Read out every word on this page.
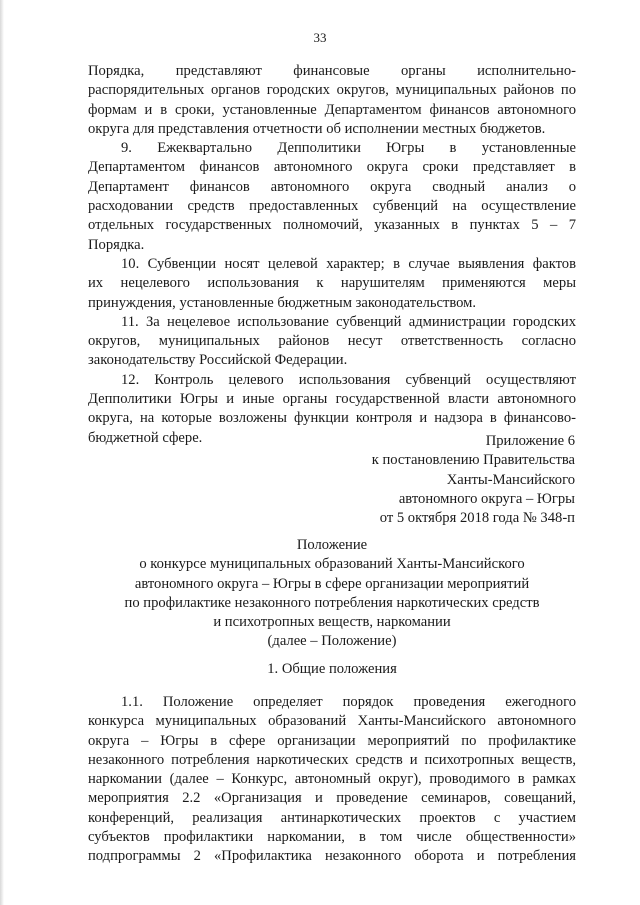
33
Порядка, представляют финансовые органы исполнительно-
распорядительных органов городских округов, муниципальных районов по
формам и в сроки, установленные Департаментом финансов автономного
округа для представления отчетности об исполнении местных бюджетов.
9. Ежеквартально Депполитики Югры в установленные
Департаментом финансов автономного округа сроки представляет в
Департамент финансов автономного округа сводный анализ о
расходовании средств предоставленных субвенций на осуществление
отдельных государственных полномочий, указанных в пунктах 5 – 7
Порядка.
10. Субвенции носят целевой характер; в случае выявления фактов
их нецелевого использования к нарушителям применяются меры
принуждения, установленные бюджетным законодательством.
11. За нецелевое использование субвенций администрации городских
округов, муниципальных районов несут ответственность согласно
законодательству Российской Федерации.
12. Контроль целевого использования субвенций осуществляют
Депполитики Югры и иные органы государственной власти автономного
округа, на которые возложены функции контроля и надзора в финансово-
бюджетной сфере.	Приложение 6
к постановлению Правительства
Ханты-Мансийского
автономного округа – Югры
от 5 октября 2018 года № 348-п
Положение
о конкурсе муниципальных образований Ханты-Мансийского
автономного округа – Югры в сфере организации мероприятий
по профилактике незаконного потребления наркотических средств
и психотропных веществ, наркомании
(далее – Положение)
1. Общие положения
1.1. Положение определяет порядок проведения ежегодного
конкурса муниципальных образований Ханты-Мансийского автономного
округа – Югры в сфере организации мероприятий по профилактике
незаконного потребления наркотических средств и психотропных веществ,
наркомании (далее – Конкурс, автономный округ), проводимого в рамках
мероприятия 2.2 «Организация и проведение семинаров, совещаний,
конференций, реализация антинаркотических проектов с участием
субъектов профилактики наркомании, в том числе общественности»
подпрограммы 2 «Профилактика незаконного оборота и потребления
